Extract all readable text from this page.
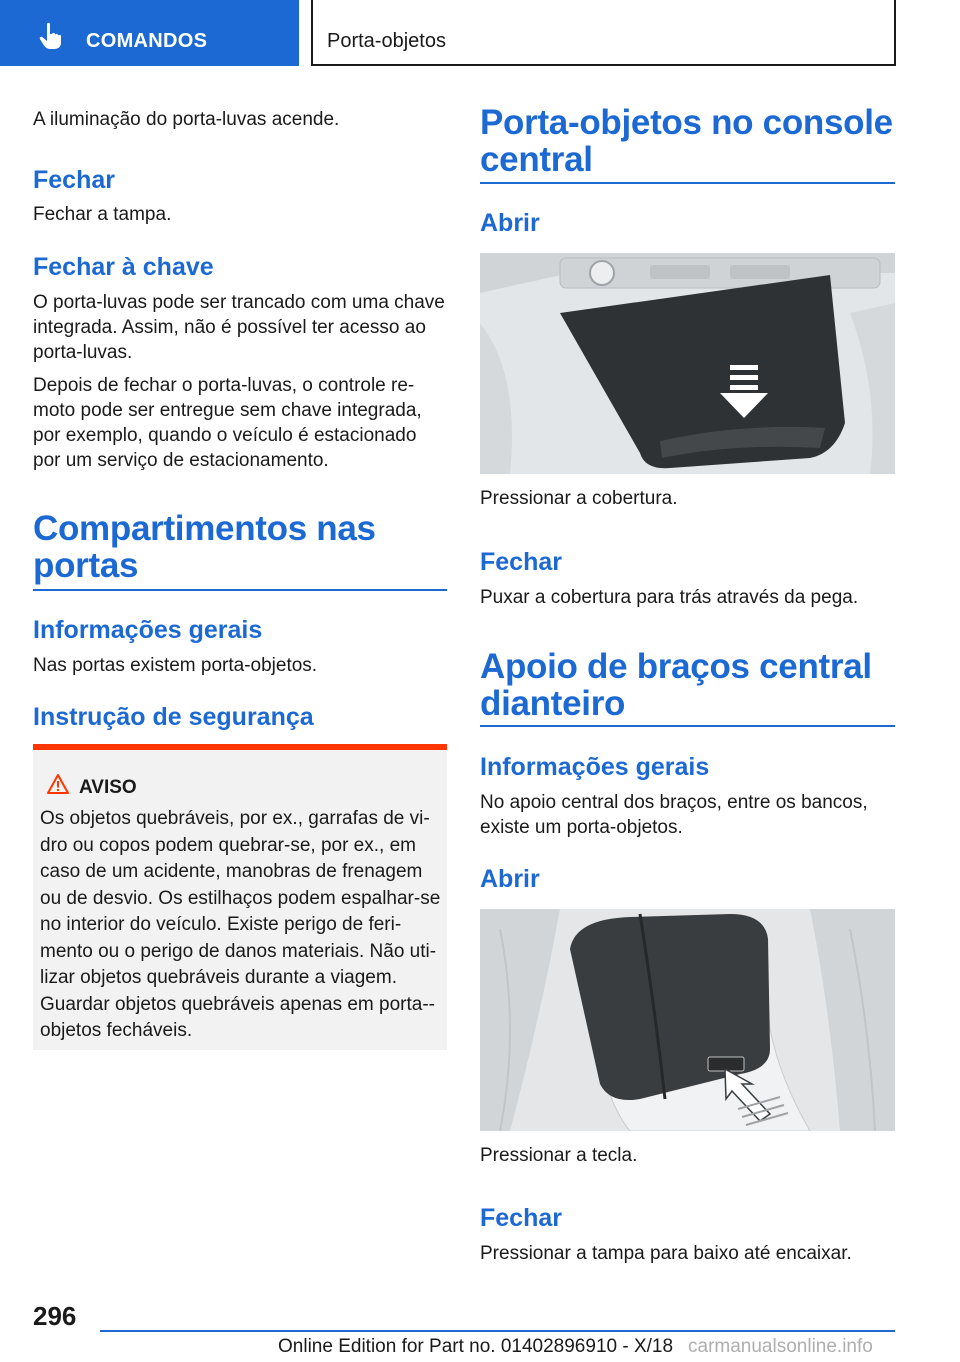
COMANDOS	Porta-objetos

A iluminação do porta-luvas acende.

Fechar

Fechar a tampa.

Fechar à chave

O porta-luvas pode ser trancado com uma chave integrada. Assim, não é possível ter acesso ao porta-luvas.

Depois de fechar o porta-luvas, o controle re-moto pode ser entregue sem chave integrada, por exemplo, quando o veículo é estacionado por um serviço de estacionamento.

Compartimentos nas portas
Informações gerais

Nas portas existem porta-objetos.

Instrução de segurança
AVISO

Os objetos quebráveis, por ex., garrafas de vi-dro ou copos podem quebrar-se, por ex., em caso de um acidente, manobras de frenagem ou de desvio. Os estilhaços podem espalhar-se no interior do veículo. Existe perigo de feri-mento ou o perigo de danos materiais. Não uti-lizar objetos quebráveis durante a viagem. Guardar objetos quebráveis apenas em porta--objetos fecháveis.

Porta-objetos no console central
Abrir

Pressionar a cobertura.

Fechar

Puxar a cobertura para trás através da pega.

Apoio de braços central dianteiro
Informações gerais

No apoio central dos braços, entre os bancos, existe um porta-objetos.

Abrir

Pressionar a tecla.

Fechar

Pressionar a tampa para baixo até encaixar.

296
Online Edition for Part no. 01402896910 - X/18 carmanualsonline.info
